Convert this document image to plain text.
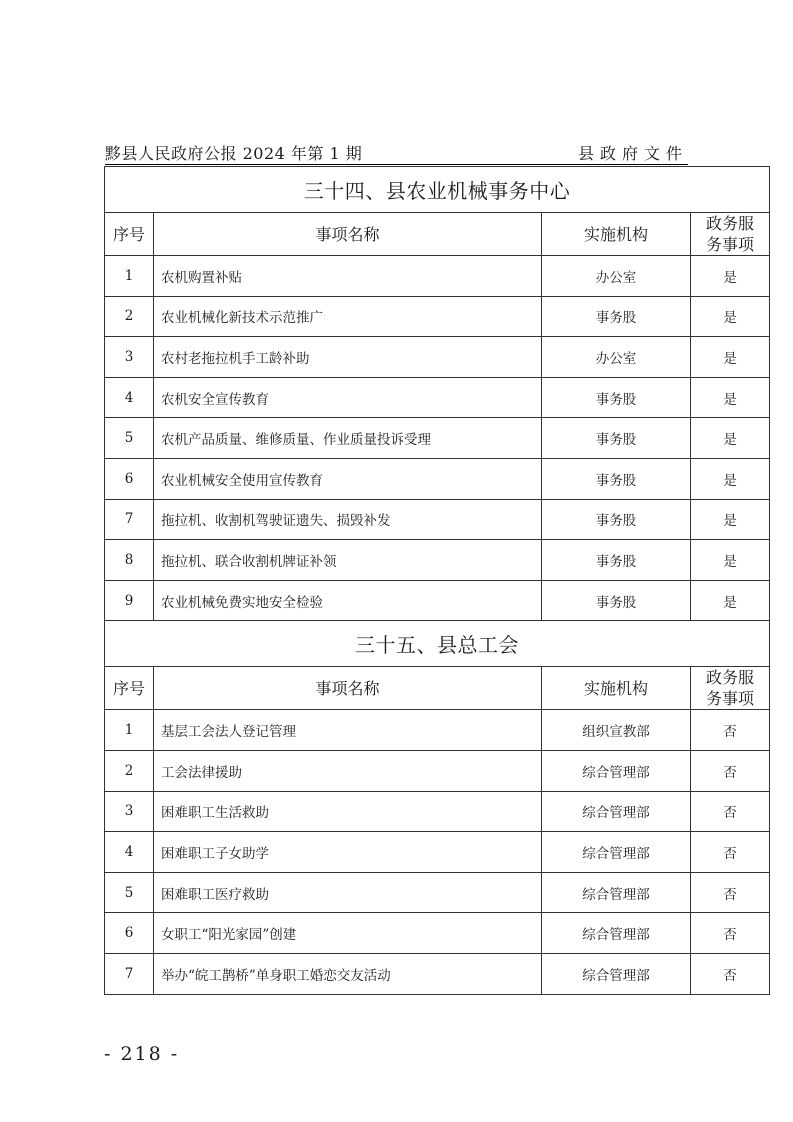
黟县人民政府公报 2024 年第 1 期	县政府文件
三十四、县农业机械事务中心			
序号	事项名称	实施机构	政务服务事项
1	农机购置补贴	办公室	是
2	农业机械化新技术示范推广	事务股	是
3	农村老拖拉机手工龄补助	办公室	是
4	农机安全宣传教育	事务股	是
5	农机产品质量、维修质量、作业质量投诉受理	事务股	是
6	农业机械安全使用宣传教育	事务股	是
7	拖拉机、收割机驾驶证遗失、损毁补发	事务股	是
8	拖拉机、联合收割机牌证补领	事务股	是
9	农业机械免费实地安全检验	事务股	是
三十五、县总工会			
序号	事项名称	实施机构	政务服务事项
1	基层工会法人登记管理	组织宣教部	否
2	工会法律援助	综合管理部	否
3	困难职工生活救助	综合管理部	否
4	困难职工子女助学	综合管理部	否
5	困难职工医疗救助	综合管理部	否
6	女职工“阳光家园”创建	综合管理部	否
7	举办“皖工鹊桥”单身职工婚恋交友活动	综合管理部	否
- 218 -
